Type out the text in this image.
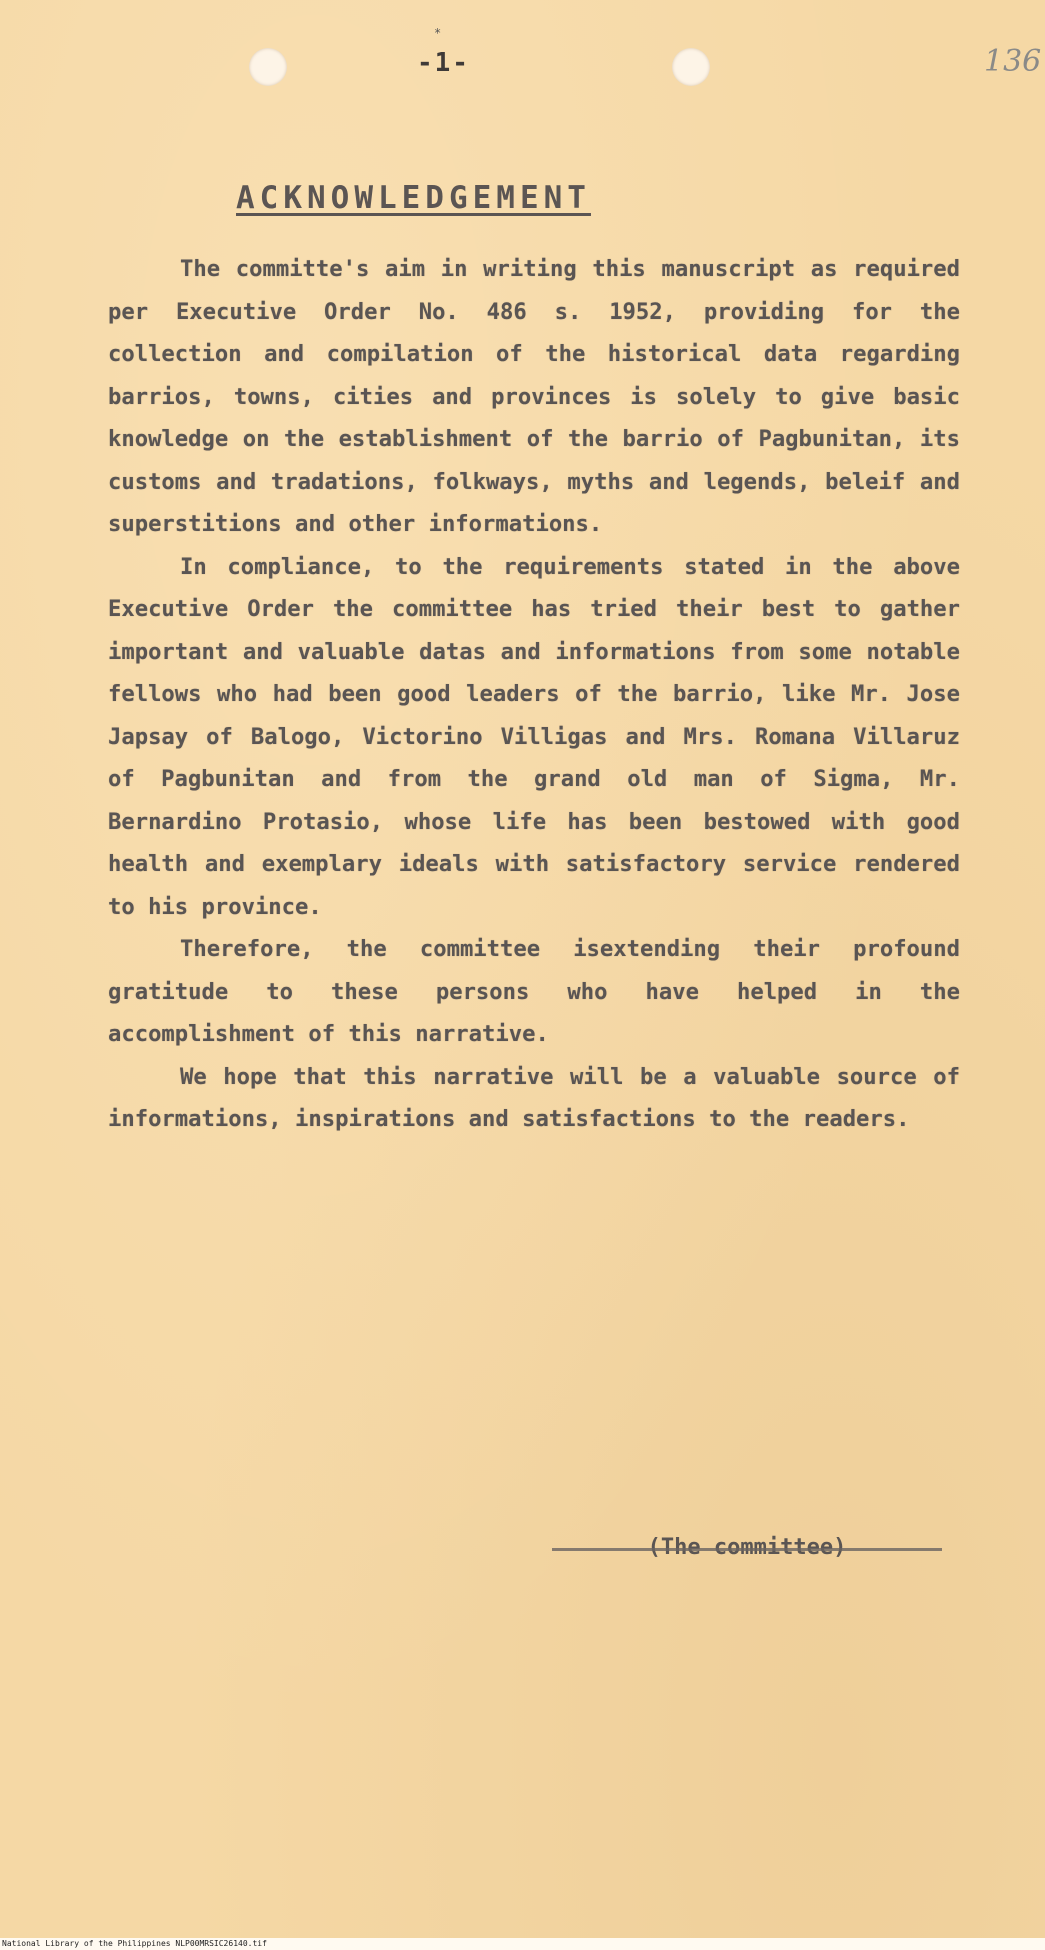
*
-1-	136
ACKNOWLEDGEMENT

The committe's aim in writing this manuscript as required per Executive Order No. 486 s. 1952, providing for the collection and compilation of the historical data regarding barrios, towns, cities and provinces is solely to give basic knowledge on the establishment of the barrio of Pagbunitan, its customs and tradations, folkways, myths and legends, beleif and superstitions and other informations.

In compliance, to the requirements stated in the above Executive Order the committee has tried their best to gather important and valuable datas and informations from some notable fellows who had been good leaders of the barrio, like Mr. Jose Japsay of Balogo, Victorino Villigas and Mrs. Romana Villaruz of Pagbunitan and from the grand old man of Sigma, Mr. Bernardino Protasio, whose life has been bestowed with good health and exemplary ideals with satisfactory service rendered to his province.

Therefore, the committee isextending their profound gratitude to these persons who have helped in the accomplishment of this narrative.

We hope that this narrative will be a valuable source of informations, inspirations and satisfactions to the readers.

(The committee)
National Library of the Philippines NLP00MRSIC26140.tif
